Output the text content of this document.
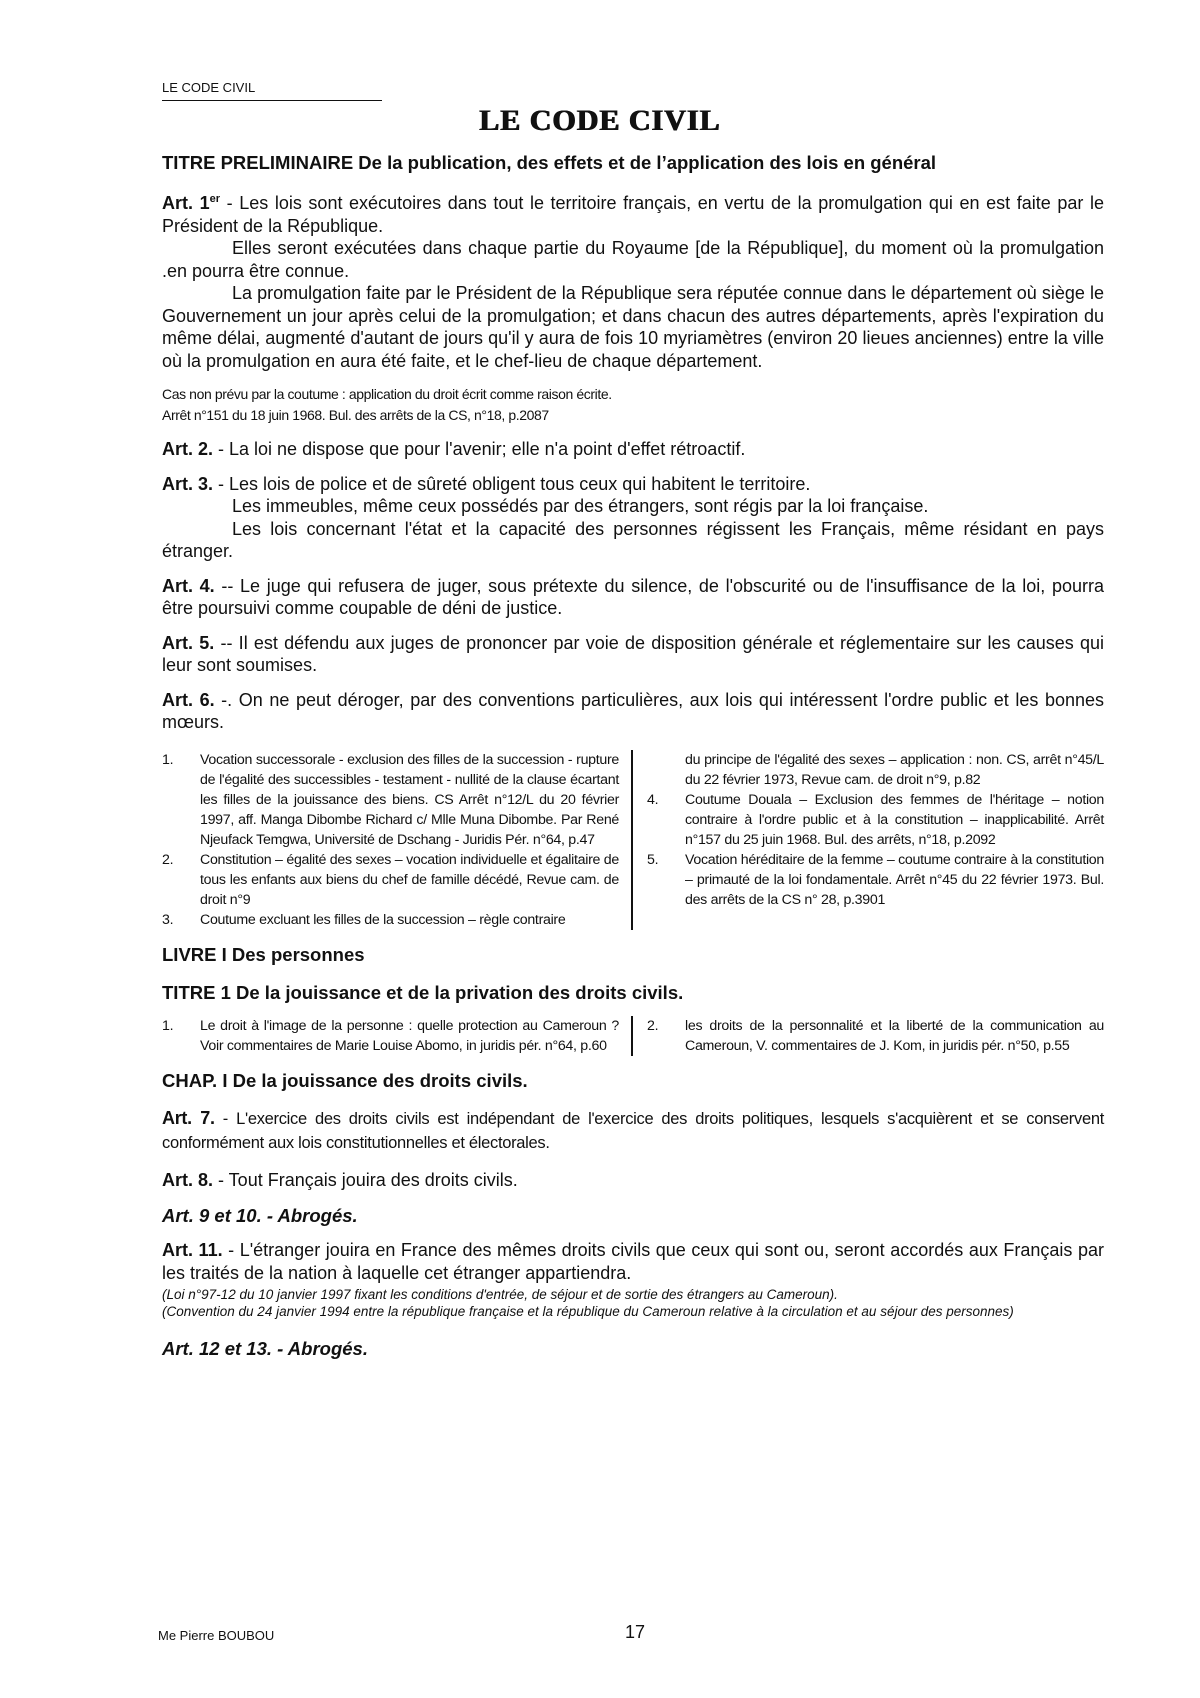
LE CODE CIVIL
LE CODE CIVIL

TITRE PRELIMINAIRE De la publication, des effets et de l’application des lois en général

Art. 1er - Les lois sont exécutoires dans tout le territoire français, en vertu de la promulgation qui en est faite par le Président de la République.

Elles seront exécutées dans chaque partie du Royaume [de la République], du moment où la promulgation .en pourra être connue.

La promulgation faite par le Président de la République sera réputée connue dans le département où siège le Gouvernement un jour après celui de la promulgation; et dans chacun des autres départements, après l'expiration du même délai, augmenté d'autant de jours qu'il y aura de fois 10 myriamètres (environ 20 lieues anciennes) entre la ville où la promulgation en aura été faite, et le chef-lieu de chaque département.

Cas non prévu par la coutume : application du droit écrit comme raison écrite. Arrêt n°151 du 18 juin 1968. Bul. des arrêts de la CS, n°18, p.2087

Art. 2. - La loi ne dispose que pour l'avenir; elle n'a point d'effet rétroactif.

Art. 3. - Les lois de police et de sûreté obligent tous ceux qui habitent le territoire.

Les immeubles, même ceux possédés par des étrangers, sont régis par la loi française.

Les lois concernant l'état et la capacité des personnes régissent les Français, même résidant en pays étranger.

Art. 4. -- Le juge qui refusera de juger, sous prétexte du silence, de l'obscurité ou de l'insuffisance de la loi, pourra être poursuivi comme coupable de déni de justice.

Art. 5. -- Il est défendu aux juges de prononcer par voie de disposition générale et réglementaire sur les causes qui leur sont soumises.

Art. 6. -. On ne peut déroger, par des conventions particulières, aux lois qui intéressent l'ordre public et les bonnes mœurs.

1.	Vocation successorale - exclusion des filles de la succession - rupture de l'égalité des successibles - testament - nullité de la clause écartant les filles de la jouissance des biens. CS Arrêt n°12/L du 20 février 1997, aff. Manga Dibombe Richard c/ Mlle Muna Dibombe. Par René Njeufack Temgwa, Université de Dschang - Juridis Pér. n°64, p.47
2.	Constitution – égalité des sexes – vocation individuelle et égalitaire de tous les enfants aux biens du chef de famille décédé, Revue cam. de droit n°9
3.	Coutume excluant les filles de la succession – règle contraire
du principe de l'égalité des sexes – application : non. CS, arrêt n°45/L du 22 février 1973, Revue cam. de droit n°9, p.82
4.	Coutume Douala – Exclusion des femmes de l'héritage – notion contraire à l'ordre public et à la constitution – inapplicabilité. Arrêt n°157 du 25 juin 1968. Bul. des arrêts, n°18, p.2092
5.	Vocation héréditaire de la femme – coutume contraire à la constitution – primauté de la loi fondamentale. Arrêt n°45 du 22 février 1973. Bul. des arrêts de la CS n° 28, p.3901

LIVRE I Des personnes

TITRE 1 De la jouissance et de la privation des droits civils.

1.	Le droit à l'image de la personne : quelle protection au Cameroun ? Voir commentaires de Marie Louise Abomo, in juridis pér. n°64, p.60
2.	les droits de la personnalité et la liberté de la communication au Cameroun, V. commentaires de J. Kom, in juridis pér. n°50, p.55

CHAP. I De la jouissance des droits civils.

Art. 7. - L'exercice des droits civils est indépendant de l'exercice des droits politiques, lesquels s'acquièrent et se conservent conformément aux lois constitutionnelles et électorales.

Art. 8. - Tout Français jouira des droits civils.

Art. 9 et 10. - Abrogés.

Art. 11. - L'étranger jouira en France des mêmes droits civils que ceux qui sont ou, seront accordés aux Français par les traités de la nation à laquelle cet étranger appartiendra.

(Loi n°97-12 du 10 janvier 1997 fixant les conditions d'entrée, de séjour et de sortie des étrangers au Cameroun).

(Convention du 24 janvier 1994 entre la république française et la république du Cameroun relative à la circulation et au séjour des personnes)

Art. 12 et 13. - Abrogés.

Me Pierre BOUBOU	17
